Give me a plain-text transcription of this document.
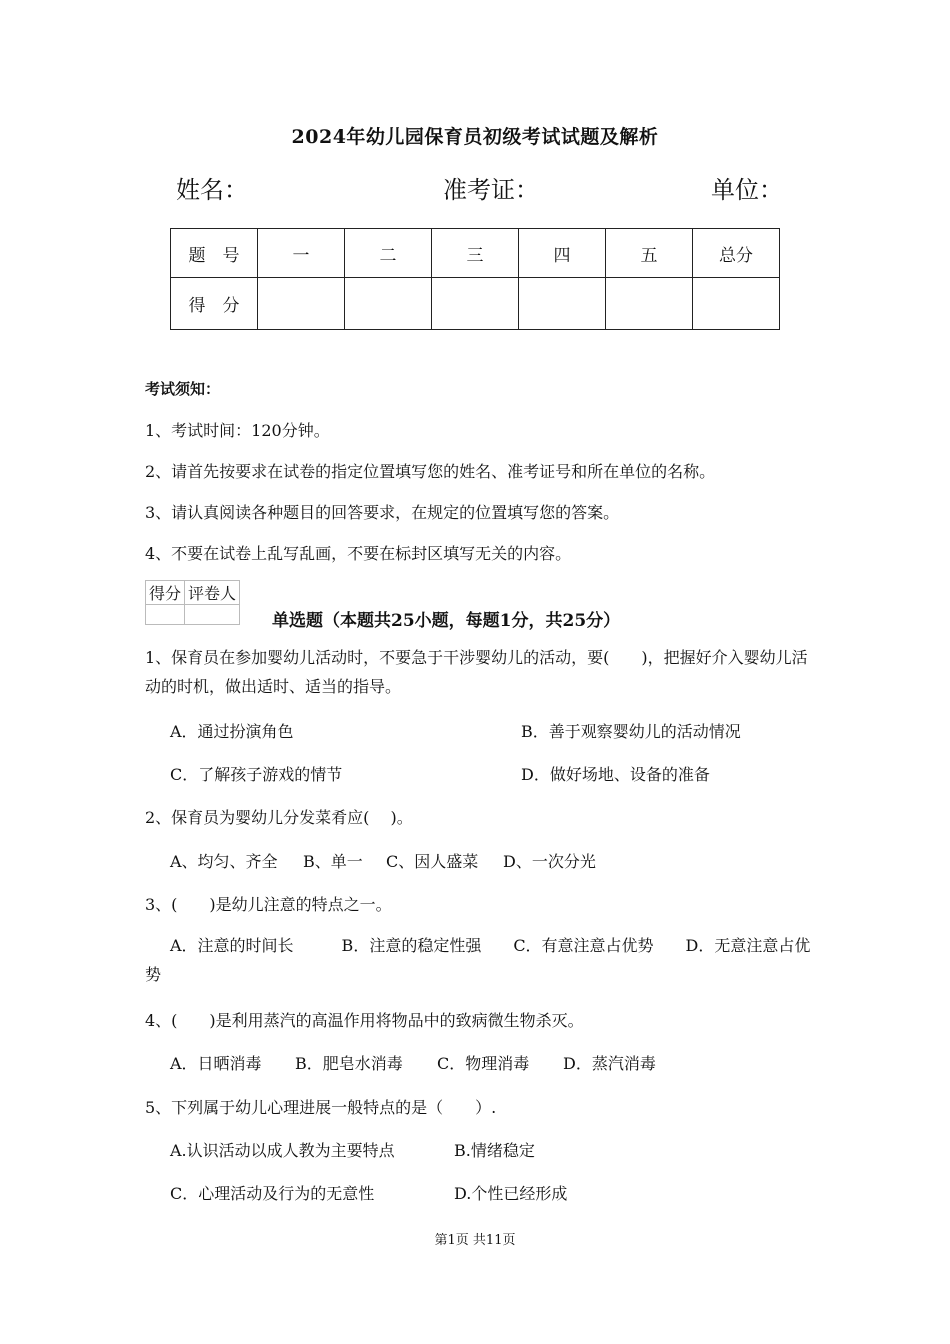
2024年幼儿园保育员初级考试试题及解析
姓名：	准考证：	单位：
题　号	一	二	三	四	五	总分
得　分						
考试须知：
1、考试时间：120分钟。
2、请首先按要求在试卷的指定位置填写您的姓名、准考证号和所在单位的名称。
3、请认真阅读各种题目的回答要求，在规定的位置填写您的答案。
4、不要在试卷上乱写乱画，不要在标封区填写无关的内容。
得分	评卷人

单选题（本题共25小题，每题1分，共25分）
1、保育员在参加婴幼儿活动时，不要急于干涉婴幼儿的活动，要(　　)，把握好介入婴幼儿活动的时机，做出适时、适当的指导。
A．通过扮演角色	B．善于观察婴幼儿的活动情况
C．了解孩子游戏的情节	D．做好场地、设备的准备
2、保育员为婴幼儿分发菜肴应(　 )。
A、均匀、齐全 B、单一 C、因人盛菜 D、一次分光
3、(　　)是幼儿注意的特点之一。
A．注意的时间长　　　B．注意的稳定性强　　C．有意注意占优势　　D．无意注意占优势
4、(　　)是利用蒸汽的高温作用将物品中的致病微生物杀灭。
A．日晒消毒 B．肥皂水消毒 C．物理消毒 D．蒸汽消毒
5、下列属于幼儿心理进展一般特点的是（　　）.
A.认识活动以成人教为主要特点	B.情绪稳定
C．心理活动及行为的无意性	D.个性已经形成
第1页 共11页
